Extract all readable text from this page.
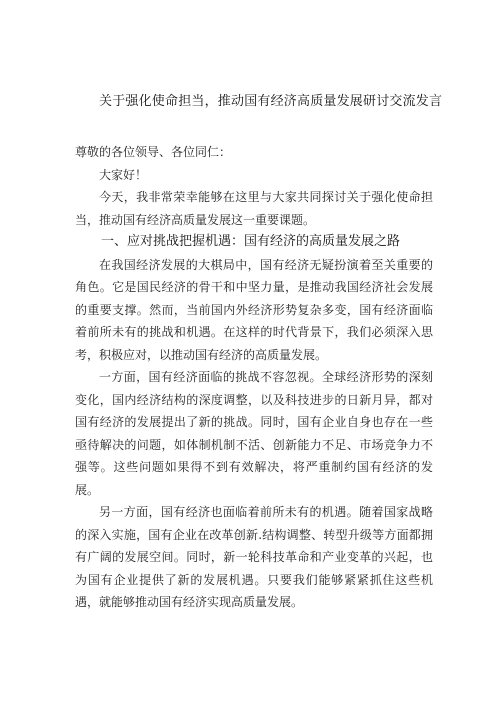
关于强化使命担当，推动国有经济高质量发展研讨交流发言

尊敬的各位领导、各位同仁：

大家好！

今天，我非常荣幸能够在这里与大家共同探讨关于强化使命担当，推动国有经济高质量发展这一重要课题。

一、应对挑战把握机遇：国有经济的高质量发展之路

在我国经济发展的大棋局中，国有经济无疑扮演着至关重要的角色。它是国民经济的骨干和中坚力量，是推动我国经济社会发展的重要支撑。然而，当前国内外经济形势复杂多变，国有经济面临着前所未有的挑战和机遇。在这样的时代背景下，我们必须深入思考，积极应对，以推动国有经济的高质量发展。

一方面，国有经济面临的挑战不容忽视。全球经济形势的深刻变化，国内经济结构的深度调整，以及科技进步的日新月异，都对国有经济的发展提出了新的挑战。同时，国有企业自身也存在一些亟待解决的问题，如体制机制不活、创新能力不足、市场竞争力不强等。这些问题如果得不到有效解决，将严重制约国有经济的发展。

另一方面，国有经济也面临着前所未有的机遇。随着国家战略的深入实施，国有企业在改革创新.结构调整、转型升级等方面都拥有广阔的发展空间。同时，新一轮科技革命和产业变革的兴起，也为国有企业提供了新的发展机遇。只要我们能够紧紧抓住这些机遇，就能够推动国有经济实现高质量发展。
